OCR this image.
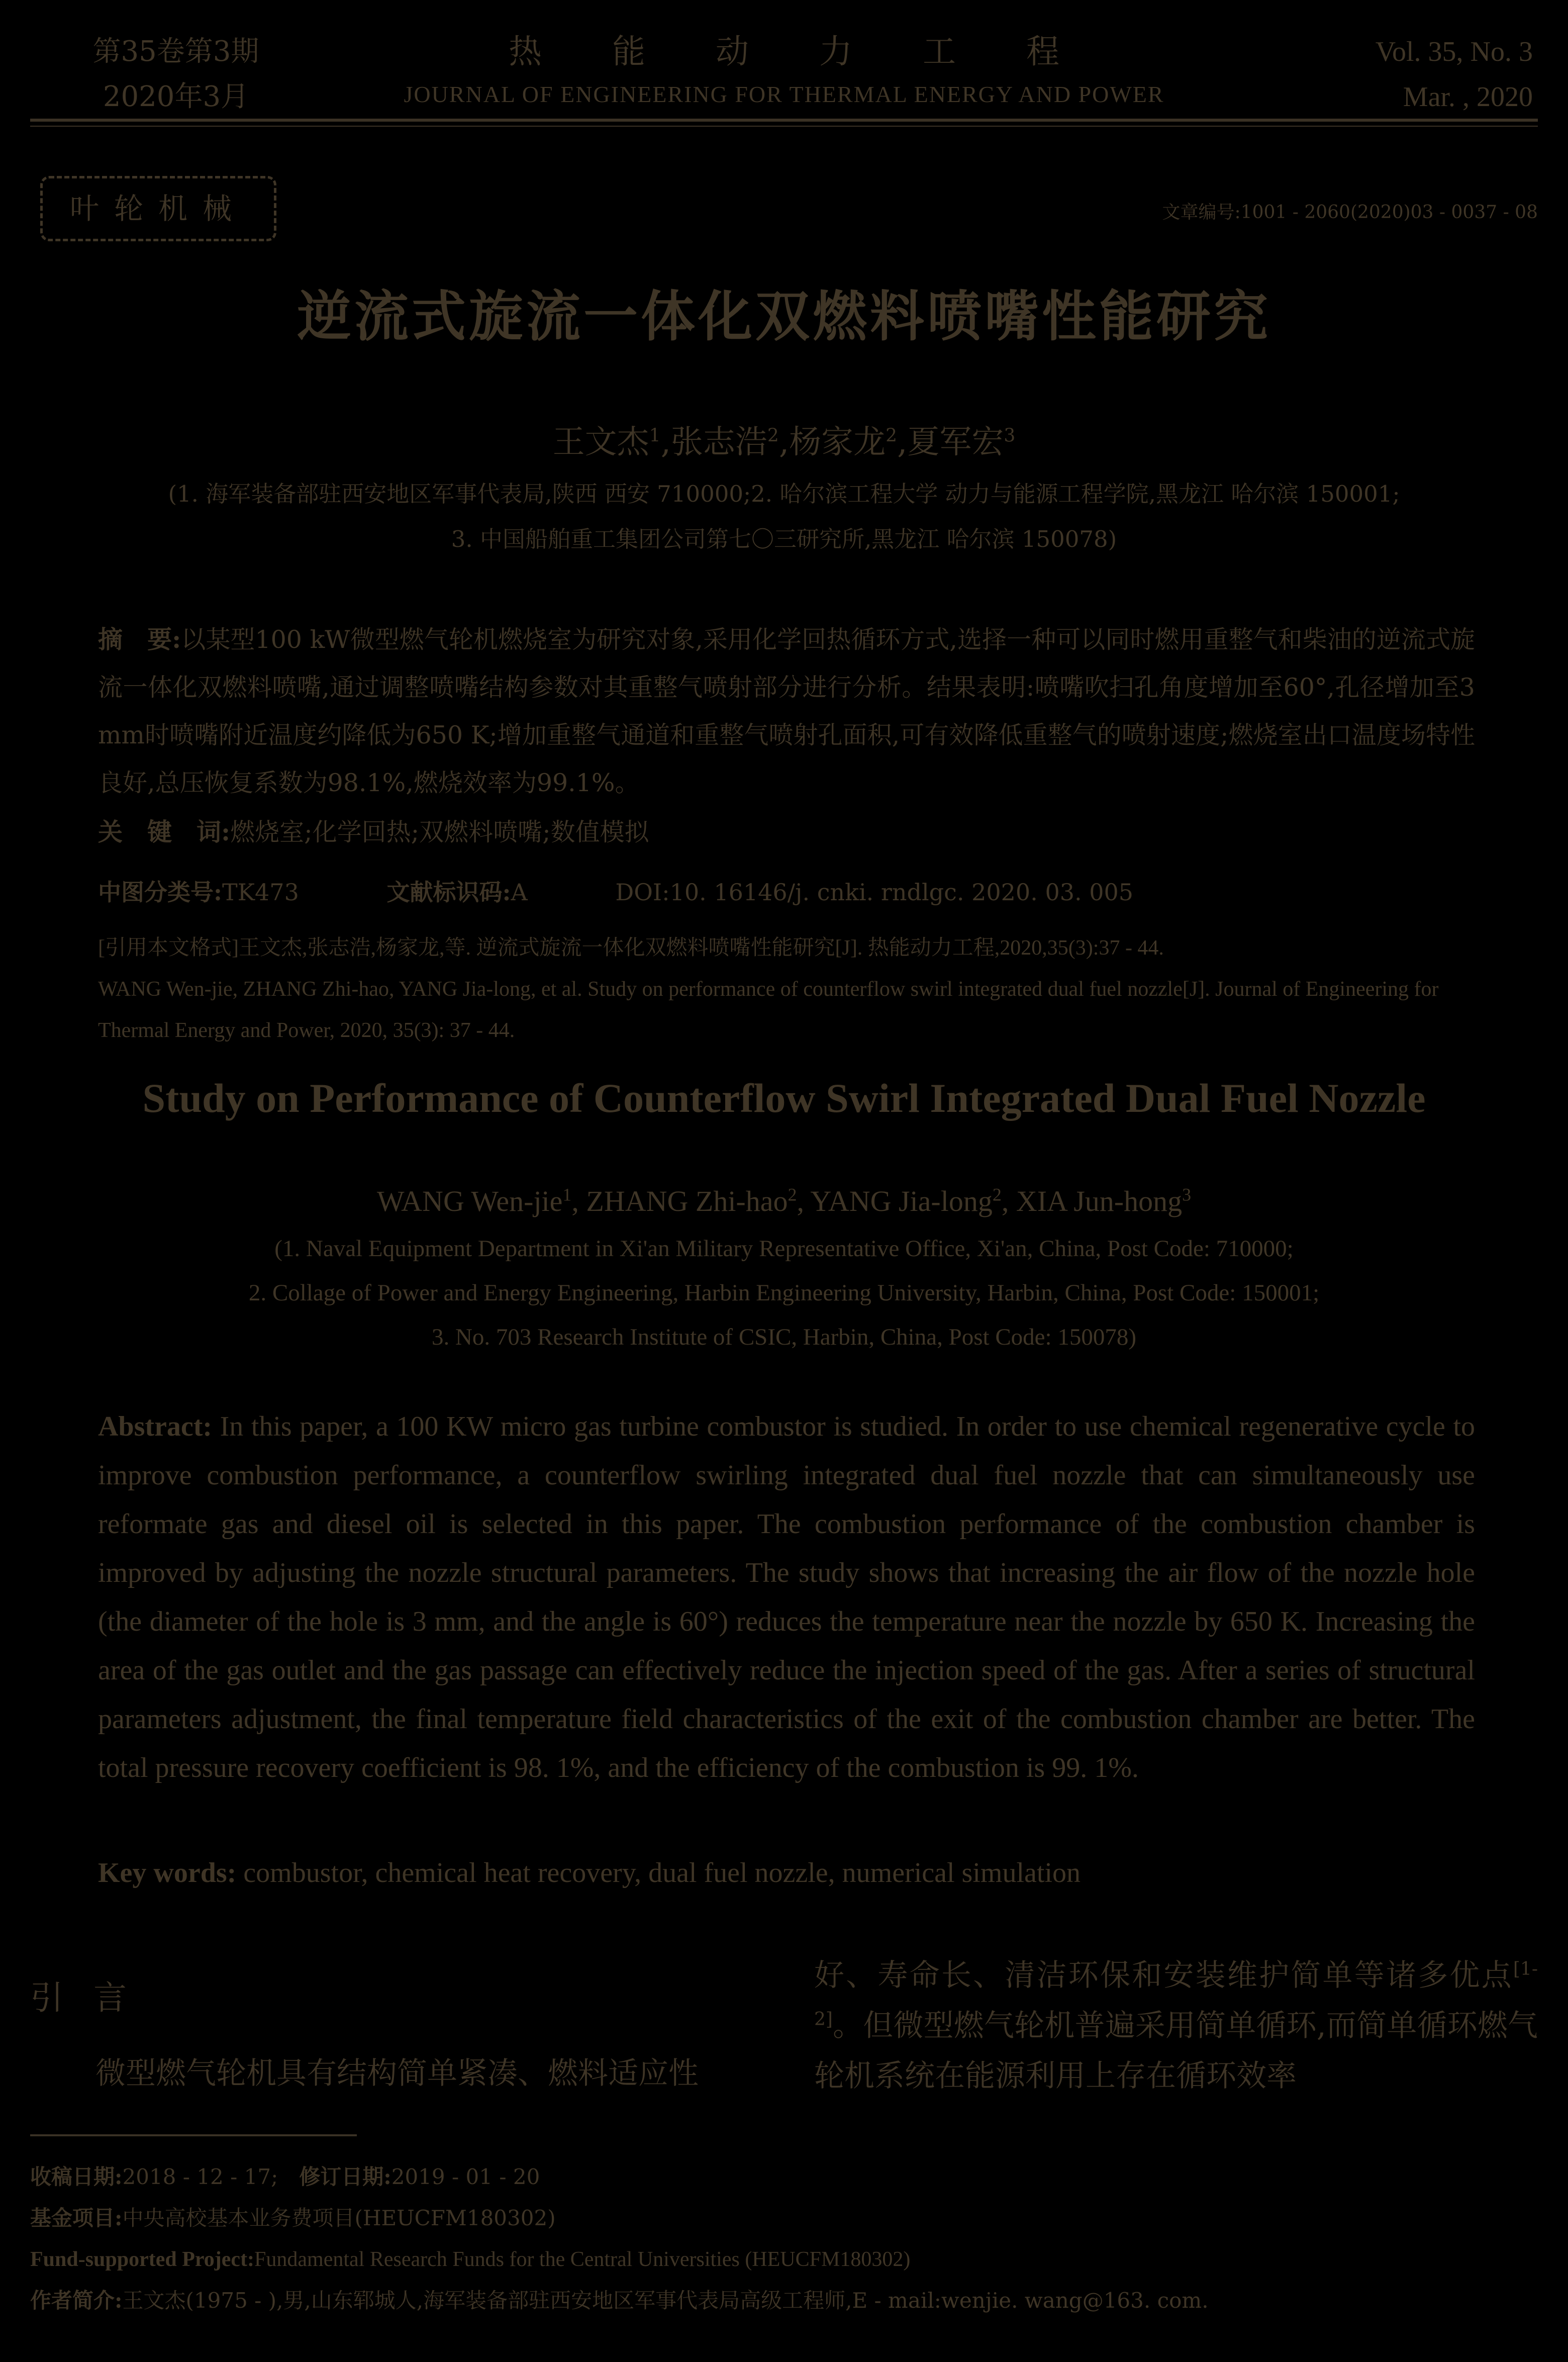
第35卷第3期
2020年3月
热能动力工程
JOURNAL OF ENGINEERING FOR THERMAL ENERGY AND POWER
Vol. 35, No. 3
Mar. , 2020
叶轮机械	文章编号:1001 - 2060(2020)03 - 0037 - 08
逆流式旋流一体化双燃料喷嘴性能研究
王文杰$^1$,张志浩$^2$,杨家龙$^2$,夏军宏$^3$
(1. 海军装备部驻西安地区军事代表局,陕西 西安 710000;2. 哈尔滨工程大学 动力与能源工程学院,黑龙江 哈尔滨 150001;
3. 中国船舶重工集团公司第七〇三研究所,黑龙江 哈尔滨 150078)
摘　要:以某型100 kW微型燃气轮机燃烧室为研究对象,采用化学回热循环方式,选择一种可以同时燃用重整气和柴油的逆流式旋流一体化双燃料喷嘴,通过调整喷嘴结构参数对其重整气喷射部分进行分析。结果表明:喷嘴吹扫孔角度增加至60°,孔径增加至3 mm时喷嘴附近温度约降低为650 K;增加重整气通道和重整气喷射孔面积,可有效降低重整气的喷射速度;燃烧室出口温度场特性良好,总压恢复系数为98.1%,燃烧效率为99.1%。
关　键　词:燃烧室;化学回热;双燃料喷嘴;数值模拟
中图分类号:TK473	文献标识码:A	DOI:10. 16146/j. cnki. rndlgc. 2020. 03. 005
[引用本文格式]王文杰,张志浩,杨家龙,等. 逆流式旋流一体化双燃料喷嘴性能研究[J]. 热能动力工程,2020,35(3):37 - 44.
WANG Wen-jie, ZHANG Zhi-hao, YANG Jia-long, et al. Study on performance of counterflow swirl integrated dual fuel nozzle[J]. Journal of Engineering for Thermal Energy and Power, 2020, 35(3): 37 - 44.
Study on Performance of Counterflow Swirl Integrated Dual Fuel Nozzle
WANG Wen-jie$^1$, ZHANG Zhi-hao$^2$, YANG Jia-long$^2$, XIA Jun-hong$^3$
(1. Naval Equipment Department in Xi'an Military Representative Office, Xi'an, China, Post Code: 710000;
2. Collage of Power and Energy Engineering, Harbin Engineering University, Harbin, China, Post Code: 150001;
3. No. 703 Research Institute of CSIC, Harbin, China, Post Code: 150078)
Abstract: In this paper, a 100 KW micro gas turbine combustor is studied. In order to use chemical regenerative cycle to improve combustion performance, a counterflow swirling integrated dual fuel nozzle that can simultaneously use reformate gas and diesel oil is selected in this paper. The combustion performance of the combustion chamber is improved by adjusting the nozzle structural parameters. The study shows that increasing the air flow of the nozzle hole (the diameter of the hole is 3 mm, and the angle is 60°) reduces the temperature near the nozzle by 650 K. Increasing the area of the gas outlet and the gas passage can effectively reduce the injection speed of the gas. After a series of structural parameters adjustment, the final temperature field characteristics of the exit of the combustion chamber are better. The total pressure recovery coefficient is 98. 1%, and the efficiency of the combustion is 99. 1%.
Key words: combustor, chemical heat recovery, dual fuel nozzle, numerical simulation
引言
微型燃气轮机具有结构简单紧凑、燃料适应性
好、寿命长、清洁环保和安装维护简单等诸多优点[1-2]。但微型燃气轮机普遍采用简单循环,而简单循环燃气轮机系统在能源利用上存在循环效率
收稿日期:2018 - 12 - 17;　 修订日期:2019 - 01 - 20
基金项目:中央高校基本业务费项目(HEUCFM180302)
Fund-supported Project:Fundamental Research Funds for the Central Universities (HEUCFM180302)
作者简介:王文杰(1975 - ),男,山东郓城人,海军装备部驻西安地区军事代表局高级工程师,E - mail:wenjie. wang@163. com.
